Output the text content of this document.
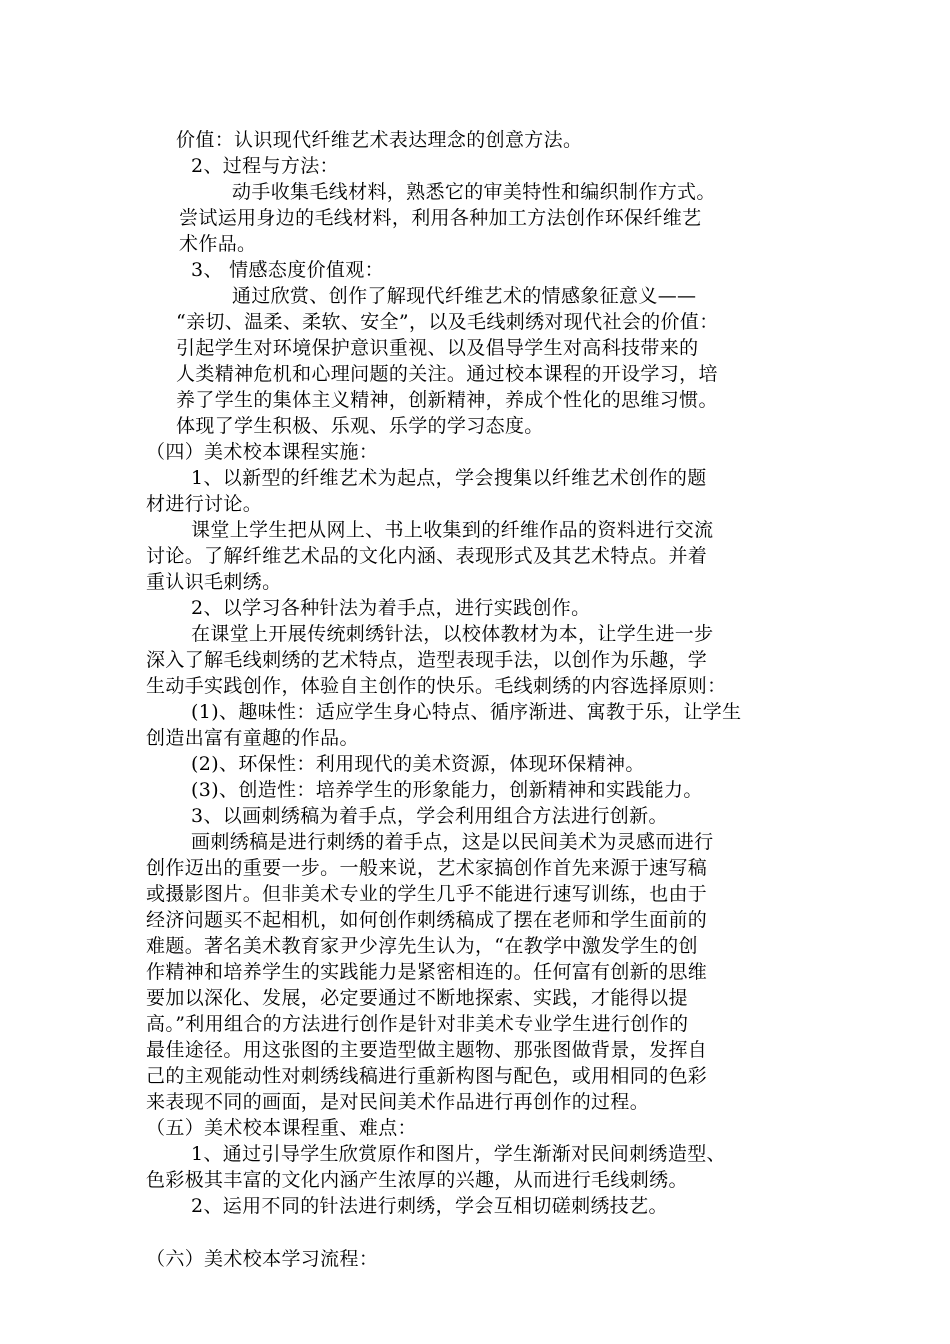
价值：认识现代纤维艺术表达理念的创意方法。

2、过程与方法：

动手收集毛线材料，熟悉它的审美特性和编织制作方式。

尝试运用身边的毛线材料，利用各种加工方法创作环保纤维艺

术作品。

3、 情感态度价值观：

通过欣赏、创作了解现代纤维艺术的情感象征意义——

“亲切、温柔、柔软、安全”，以及毛线刺绣对现代社会的价值：

引起学生对环境保护意识重视、以及倡导学生对高科技带来的

人类精神危机和心理问题的关注。通过校本课程的开设学习，培

养了学生的集体主义精神，创新精神，养成个性化的思维习惯。

体现了学生积极、乐观、乐学的学习态度。

（四）美术校本课程实施：

1、以新型的纤维艺术为起点，学会搜集以纤维艺术创作的题

材进行讨论。

课堂上学生把从网上、书上收集到的纤维作品的资料进行交流

讨论。了解纤维艺术品的文化内涵、表现形式及其艺术特点。并着

重认识毛刺绣。

2、以学习各种针法为着手点，进行实践创作。

在课堂上开展传统刺绣针法，以校体教材为本，让学生进一步

深入了解毛线刺绣的艺术特点，造型表现手法，以创作为乐趣，学

生动手实践创作，体验自主创作的快乐。毛线刺绣的内容选择原则：

(1)、趣味性：适应学生身心特点、循序渐进、寓教于乐，让学生

创造出富有童趣的作品。

(2)、环保性：利用现代的美术资源，体现环保精神。

(3)、创造性：培养学生的形象能力，创新精神和实践能力。

3、以画刺绣稿为着手点，学会利用组合方法进行创新。

画刺绣稿是进行刺绣的着手点，这是以民间美术为灵感而进行

创作迈出的重要一步。一般来说，艺术家搞创作首先来源于速写稿

或摄影图片。但非美术专业的学生几乎不能进行速写训练，也由于

经济问题买不起相机，如何创作刺绣稿成了摆在老师和学生面前的

难题。著名美术教育家尹少淳先生认为，“在教学中激发学生的创

作精神和培养学生的实践能力是紧密相连的。任何富有创新的思维

要加以深化、发展，必定要通过不断地探索、实践，才能得以提

高。”利用组合的方法进行创作是针对非美术专业学生进行创作的

最佳途径。用这张图的主要造型做主题物、那张图做背景，发挥自

己的主观能动性对刺绣线稿进行重新构图与配色，或用相同的色彩

来表现不同的画面，是对民间美术作品进行再创作的过程。

（五）美术校本课程重、难点：

1、通过引导学生欣赏原作和图片，学生渐渐对民间刺绣造型、

色彩极其丰富的文化内涵产生浓厚的兴趣，从而进行毛线刺绣。

2、运用不同的针法进行刺绣，学会互相切磋刺绣技艺。

（六）美术校本学习流程：
